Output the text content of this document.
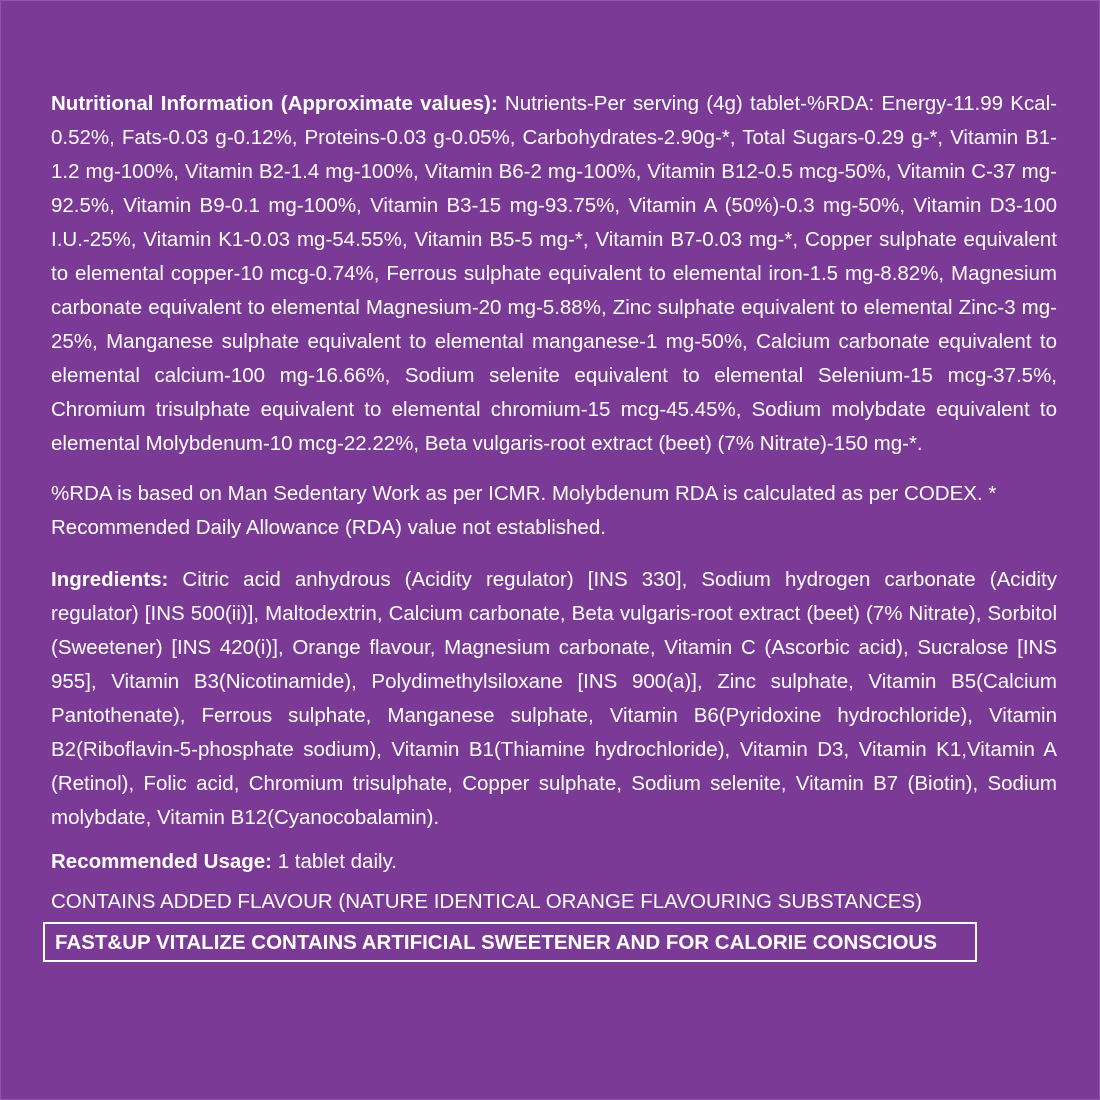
Nutritional Information (Approximate values): Nutrients-Per serving (4g) tablet-%RDA: Energy-11.99 Kcal-0.52%, Fats-0.03 g-0.12%, Proteins-0.03 g-0.05%, Carbohydrates-2.90g-*, Total Sugars-0.29 g-*, Vitamin B1-1.2 mg-100%, Vitamin B2-1.4 mg-100%, Vitamin B6-2 mg-100%, Vitamin B12-0.5 mcg-50%, Vitamin C-37 mg-92.5%, Vitamin B9-0.1 mg-100%, Vitamin B3-15 mg-93.75%, Vitamin A (50%)-0.3 mg-50%, Vitamin D3-100 I.U.-25%, Vitamin K1-0.03 mg-54.55%, Vitamin B5-5 mg-*, Vitamin B7-0.03 mg-*, Copper sulphate equivalent to elemental copper-10 mcg-0.74%, Ferrous sulphate equivalent to elemental iron-1.5 mg-8.82%, Magnesium carbonate equivalent to elemental Magnesium-20 mg-5.88%, Zinc sulphate equivalent to elemental Zinc-3 mg-25%, Manganese sulphate equivalent to elemental manganese-1 mg-50%, Calcium carbonate equivalent to elemental calcium-100 mg-16.66%, Sodium selenite equivalent to elemental Selenium-15 mcg-37.5%, Chromium trisulphate equivalent to elemental chromium-15 mcg-45.45%, Sodium molybdate equivalent to elemental Molybdenum-10 mcg-22.22%, Beta vulgaris-root extract (beet) (7% Nitrate)-150 mg-*.

%RDA is based on Man Sedentary Work as per ICMR. Molybdenum RDA is calculated as per CODEX. * Recommended Daily Allowance (RDA) value not established.

Ingredients: Citric acid anhydrous (Acidity regulator) [INS 330], Sodium hydrogen carbonate (Acidity regulator) [INS 500(ii)], Maltodextrin, Calcium carbonate, Beta vulgaris-root extract (beet) (7% Nitrate), Sorbitol (Sweetener) [INS 420(i)], Orange flavour, Magnesium carbonate, Vitamin C (Ascorbic acid), Sucralose [INS 955], Vitamin B3(Nicotinamide), Polydimethylsiloxane [INS 900(a)], Zinc sulphate, Vitamin B5(Calcium Pantothenate), Ferrous sulphate, Manganese sulphate, Vitamin B6(Pyridoxine hydrochloride), Vitamin B2(Riboflavin-5-phosphate sodium), Vitamin B1(Thiamine hydrochloride), Vitamin D3, Vitamin K1,Vitamin A (Retinol), Folic acid, Chromium trisulphate, Copper sulphate, Sodium selenite, Vitamin B7 (Biotin), Sodium molybdate, Vitamin B12(Cyanocobalamin).

Recommended Usage: 1 tablet daily.

CONTAINS ADDED FLAVOUR (NATURE IDENTICAL ORANGE FLAVOURING SUBSTANCES)

FAST&UP VITALIZE CONTAINS ARTIFICIAL SWEETENER AND FOR CALORIE CONSCIOUS
